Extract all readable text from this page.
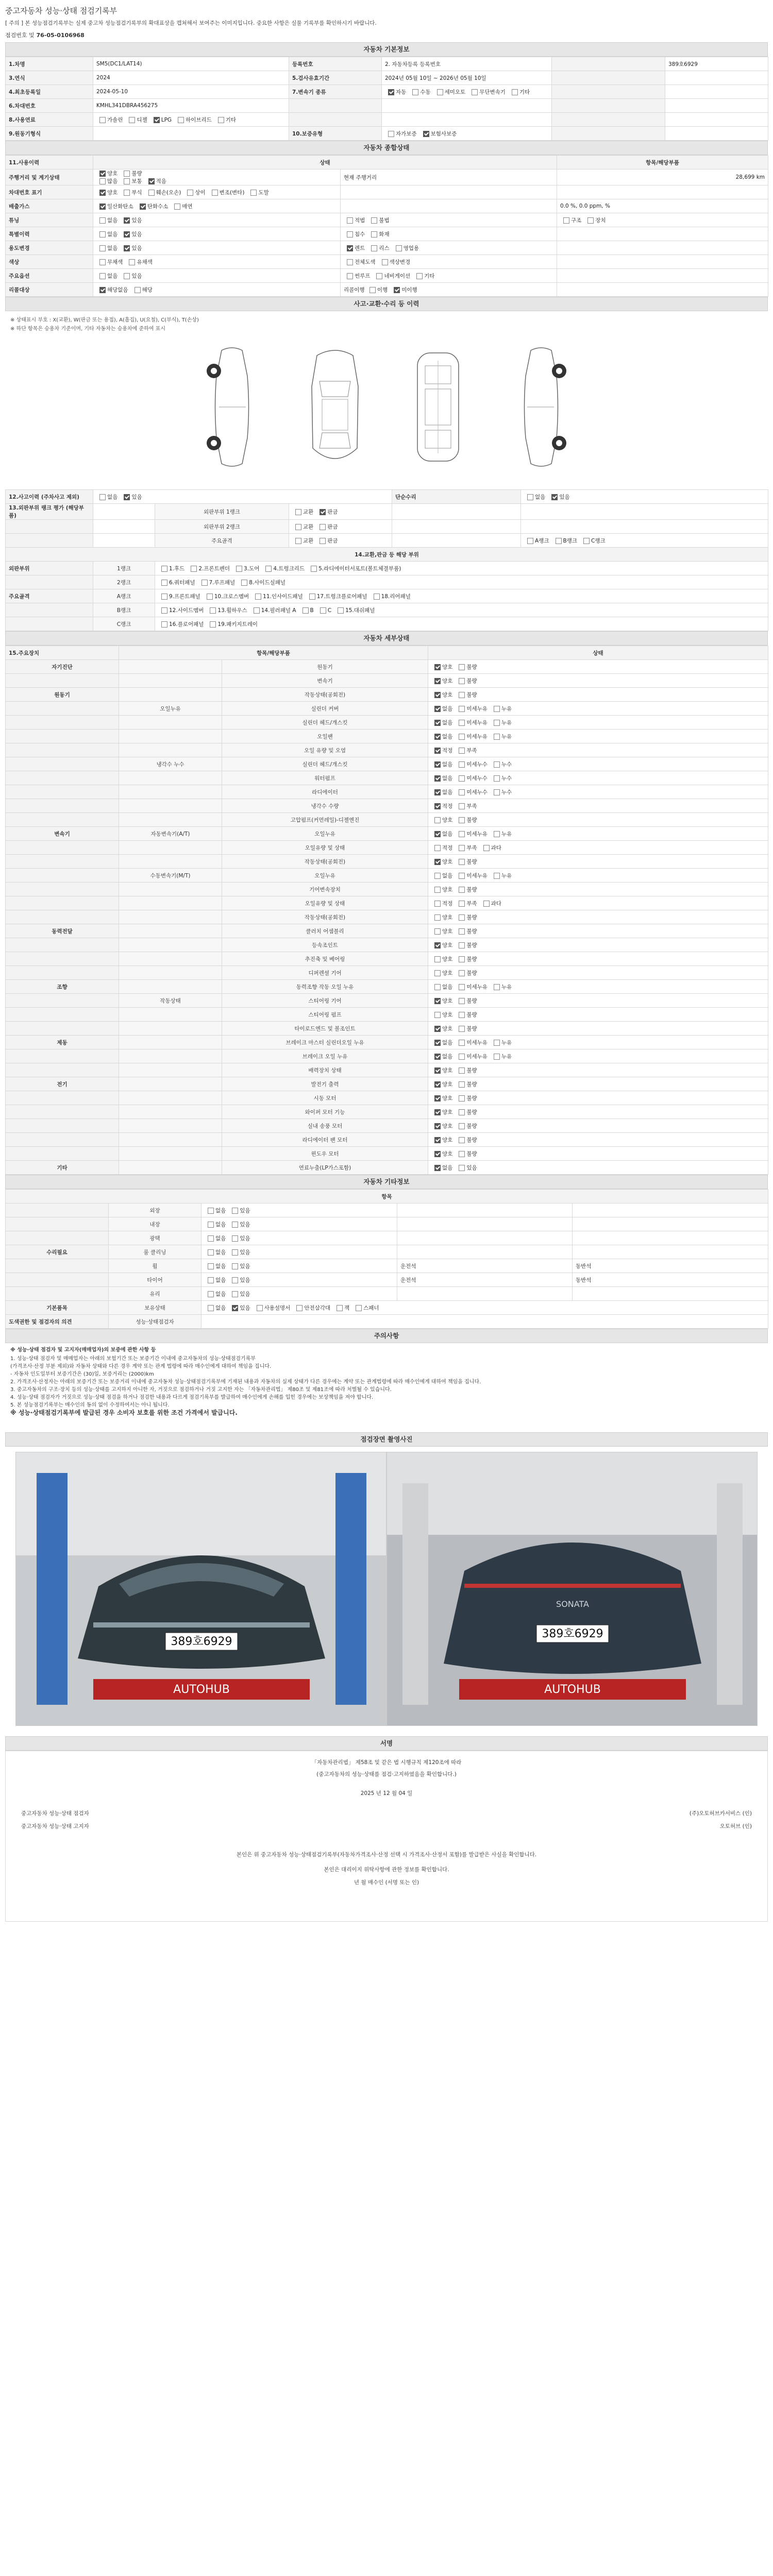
중고자동차 성능·상태 점검기록부
[ 주의 ] 본 성능점검기록부는 실제 중고차 성능점검기록부의 확대표상을 캡쳐해서 보여주는 이미지입니다. 중요한 사항은 실물 기록부를 확인하시기 바랍니다.
점검번호 및 76-05-0106968
자동차 기본정보
1.차명	SM5(DC1/LAT14)	등록번호	2. 자동차등록 등록번호		389호6929
3.연식	2024	5.검사유효기간	2024년 05월 10일 ~ 2026년 05월 10일		
4.최초등록일	2024-05-10	7.변속기 종류	자동 수동 세미오토 무단변속기 기타		
6.차대번호	KMHL341DBRA456275				
8.사용연료	가솔린 디젤 LPG 하이브리드 기타				
9.원동기형식		10.보증유형	자가보증 보험사보증		
자동차 종합상태
11.사용이력	상태		항목/해당부품
주행거리 및 계기상태	양호 불량
많음 보통 적음	현재 주행거리	28,699 km

차대번호 표기	양호 부식 훼손(오손) 상이 변조(변타) 도말		
배출가스	일산화탄소 탄화수소 매연		0.0 %, 0.0 ppm, %
튜닝	없음 있음	적법 불법	구조 장치
특별이력	없음 있음	침수 화재	
용도변경	없음 있음	렌트 리스 영업용	
색상	무채색 유채색	전체도색 색상변경	
주요옵션	없음 있음	썬루프 네비게이션 기타	
리콜대상	해당없음 해당	리콜이행 이행 미이행	
사고·교환·수리 등 이력
※ 상태표시 부호 : X(교환), W(판금 또는 용접), A(흠집), U(요철), C(부식), T(손상)
※ 하단 항목은 승용차 기준이며, 기타 자동차는 승용차에 준하여 표시
12.사고이력 (주차사고 제외)	없음 있음			단순수리	없음 있음
13.외판부위 랭크 평가 (해당부품)		외판부위 1랭크	교환 판금		
		외판부위 2랭크	교환 판금		
		주요골격	교환 판금		A랭크 B랭크 C랭크
14.교환,판금 등 해당 부위					
외판부위	1랭크	1.후드 2.프론트펜더 3.도어 4.트렁크리드 5.라디에이터서포트(볼트체결부품)			
	2랭크	6.쿼터패널 7.루프패널 8.사이드실패널			
주요골격	A랭크	9.프론트패널 10.크로스멤버 11.인사이드패널 17.트렁크플로어패널 18.리어패널			
	B랭크	12.사이드멤버 13.휠하우스 14.필러패널 A B C 15.대쉬패널			
	C랭크	16.플로어패널 19.패키지트레이			
자동차 세부상태
15.주요장치	항목/해당부품		상태
자기진단		원동기	양호 불량
		변속기	양호 불량
원동기		작동상태(공회전)	양호 불량
	오일누유	실린더 커버	없음 미세누유 누유
		실린더 헤드/개스킷	없음 미세누유 누유
		오일팬	없음 미세누유 누유
		오일 유량 및 오염	적정 부족
	냉각수 누수	실린더 헤드/개스킷	없음 미세누수 누수
		워터펌프	없음 미세누수 누수
		라디에이터	없음 미세누수 누수
		냉각수 수량	적정 부족
		고압펌프(커먼레일)-디젤엔진	양호 불량
변속기	자동변속기(A/T)	오일누유	없음 미세누유 누유
		오일유량 및 상태	적정 부족 과다
		작동상태(공회전)	양호 불량
	수동변속기(M/T)	오일누유	없음 미세누유 누유
		기어변속장치	양호 불량
		오일유량 및 상태	적정 부족 과다
		작동상태(공회전)	양호 불량
동력전달		클러치 어셈블리	양호 불량
		등속조인트	양호 불량
		추진축 및 베어링	양호 불량
		디퍼렌셜 기어	양호 불량
조향		동력조향 작동 오일 누유	없음 미세누유 누유
	작동상태	스티어링 기어	양호 불량
		스티어링 펌프	양호 불량
		타이로드엔드 및 볼조인트	양호 불량
제동		브레이크 마스터 실린더오일 누유	없음 미세누유 누유
		브레이크 오일 누유	없음 미세누유 누유
		배력장치 상태	양호 불량
전기		발전기 출력	양호 불량
		시동 모터	양호 불량
		와이퍼 모터 기능	양호 불량
		실내 송풍 모터	양호 불량
		라디에이터 팬 모터	양호 불량
		윈도우 모터	양호 불량
기타		연료누출(LP가스포함)	없음 있음
자동차 기타정보
항목				
	외장	없음 있음		
	내장	없음 있음		
	광택	없음 있음		
수리필요	룸 클리닝	없음 있음		
	휠	없음 있음	운전석	동반석
	타이어	없음 있음	운전석	동반석
	유리	없음 있음		
기본품목	보유상태	없음 있음 사용설명서 안전삼각대 잭 스패너		
도색권한 및 점검자의 의견	성능·상태점검자			
주의사항

※ 성능·상태 점검자 및 고지자(매매업자)의 보증에 관한 사항 등

1. 성능·상태 점검자 및 매매업자는 아래의 보험기간 또는 보증기간 이내에 중고자동차의 성능·상태점검기록부

(가격조사·산정 부분 제외)와 자동차 상태와 다른 경우 계약 또는 관계 법령에 따라 매수인에게 대하여 책임을 집니다.

- 자동차 인도일부터 보증기간은 (30)일, 보증거리는 (2000)km

2. 가격조사·산정자는 아래의 보증기간 또는 보증거리 이내에 중고자동차 성능·상태점검기록부에 기재된 내용과 자동차의 실제 상태가 다른 경우에는 계약 또는 관계법령에 따라 매수인에게 대하여 책임을 집니다.

3. 중고자동차의 구조·장치 등의 성능·상태를 고지하지 아니한 자, 거짓으로 점검하거나 거짓 고지한 자는 「자동차관리법」 제80조 및 제81조에 따라 처벌될 수 있습니다.

4. 성능·상태 점검자가 거짓으로 성능·상태 점검을 하거나 점검한 내용과 다르게 점검기록부를 발급하여 매수인에게 손해를 입힌 경우에는 보상책임을 져야 합니다.

5. 본 성능점검기록부는 매수인의 동의 없이 수정하여서는 아니 됩니다.

※ 성능·상태점검기록부에 발급된 경우 소비자 보호를 위한 조건 가격에서 발급니다.

점검장면 촬영사진
389호6929
AUTOHUB
SONATA
389호6929
AUTOHUB
서명
「자동차관리법」 제58조 및 같은 법 시행규칙 제120조에 따라
(중고자동차의 성능·상태를 점검·고지하였음을 확인합니다.)
2025 년 12 월 04 일
중고자동차 성능·상태 점검자	(주)오토허브카서비스 (인)
중고자동차 성능·상태 고지자	오토허브 (인)
본인은 위 중고자동차 성능·상태점검기록부(자동차가격조사·산정 선택 시 가격조사·산정서 포함)를 발급받은 사실을 확인합니다.
본인은 대리이지 위탁사항에 관한 정보를 확인합니다.
년 월 매수인 (서명 또는 인)
